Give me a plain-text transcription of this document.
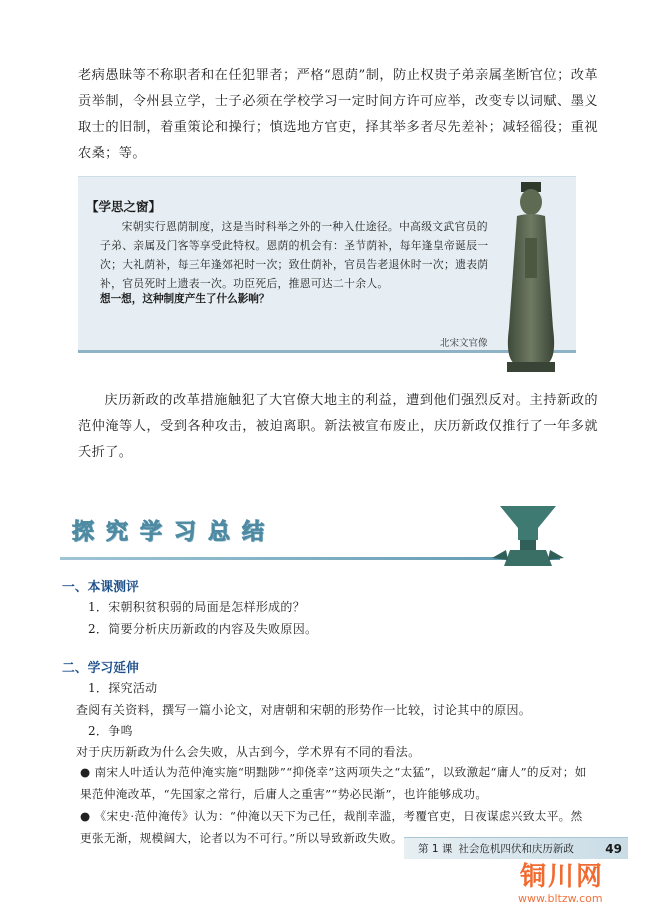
老病愚昧等不称职者和在任犯罪者；严格“恩荫”制，防止权贵子弟亲属垄断官位；改革贡举制，令州县立学，士子必须在学校学习一定时间方许可应举，改变专以词赋、墨义取士的旧制，着重策论和操行；慎选地方官吏，择其举多者尽先差补；减轻徭役；重视农桑；等。

【学思之窗】

宋朝实行恩荫制度，这是当时科举之外的一种入仕途径。中高级文武官员的子弟、亲属及门客等享受此特权。恩荫的机会有：圣节荫补，每年逢皇帝诞辰一次；大礼荫补，每三年逢郊祀时一次；致仕荫补，官员告老退休时一次；遗表荫补，官员死时上遗表一次。功臣死后，推恩可达二十余人。

想一想，这种制度产生了什么影响？
北宋文官像

庆历新政的改革措施触犯了大官僚大地主的利益，遭到他们强烈反对。主持新政的范仲淹等人，受到各种攻击，被迫离职。新法被宣布废止，庆历新政仅推行了一年多就夭折了。

探 究 学 习 总 结
一、本课测评
1．宋朝积贫积弱的局面是怎样形成的？
2．简要分析庆历新政的内容及失败原因。
二、学习延伸
1．探究活动
查阅有关资料，撰写一篇小论文，对唐朝和宋朝的形势作一比较，讨论其中的原因。
2．争鸣
对于庆历新政为什么会失败，从古到今，学术界有不同的看法。

● 南宋人叶适认为范仲淹实施“明黜陟”“抑侥幸”这两项失之“太猛”，以致激起“庸人”的反对；如果范仲淹改革，“先国家之常行，后庸人之重害”“势必民渐”，也许能够成功。

● 《宋史·范仲淹传》认为：“仲淹以天下为己任，裁削幸滥，考覆官吏，日夜谋虑兴致太平。然更张无渐，规模阔大，论者以为不可行。”所以导致新政失败。

第 1 课 社会危机四伏和庆历新政	49
铜川网
www.bltzw.com
